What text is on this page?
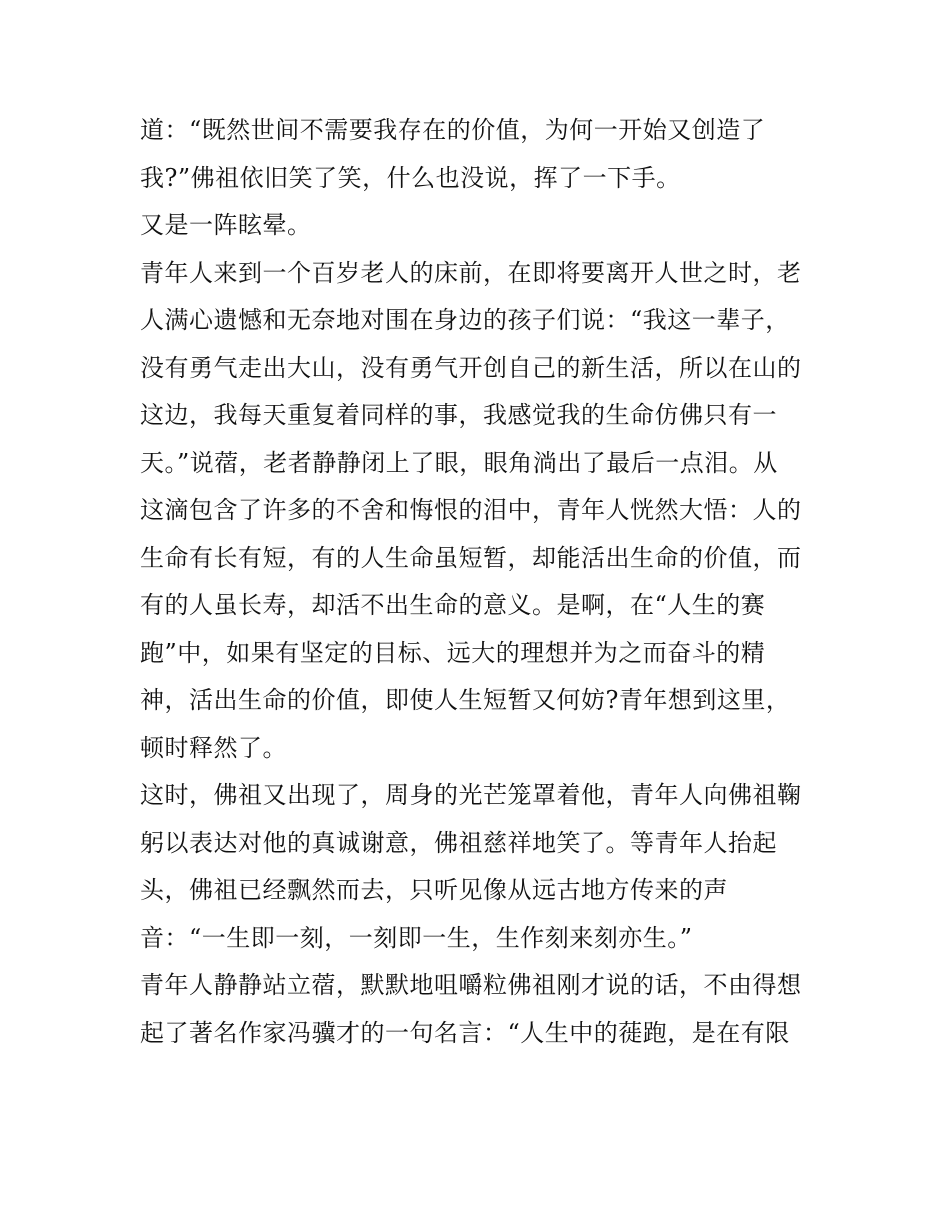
道：“既然世间不需要我存在的价值，为何一开始又创造了
我?”佛祖依旧笑了笑，什么也没说，挥了一下手。
又是一阵眩晕。
青年人来到一个百岁老人的床前，在即将要离开人世之时，老
人满心遗憾和无奈地对围在身边的孩子们说：“我这一辈子，
没有勇气走出大山，没有勇气开创自己的新生活，所以在山的
这边，我每天重复着同样的事，我感觉我的生命仿佛只有一
天。”说蓿，老者静静闭上了眼，眼角淌出了最后一点泪。从
这滴包含了许多的不舍和悔恨的泪中，青年人恍然大悟：人的
生命有长有短，有的人生命虽短暂，却能活出生命的价值，而
有的人虽长寿，却活不出生命的意义。是啊，在“人生的赛
跑”中，如果有坚定的目标、远大的理想并为之而奋斗的精
神，活出生命的价值，即使人生短暂又何妨?青年想到这里，
顿时释然了。
这时，佛祖又出现了，周身的光芒笼罩着他，青年人向佛祖鞠
躬以表达对他的真诚谢意，佛祖慈祥地笑了。等青年人抬起
头，佛祖已经飘然而去，只听见像从远古地方传来的声
音：“一生即一刻，一刻即一生，生作刻来刻亦生。”
青年人静静站立蓿，默默地咀嚼粒佛祖刚才说的话，不由得想
起了著名作家冯骥才的一句名言：“人生中的蓰跑，是在有限
